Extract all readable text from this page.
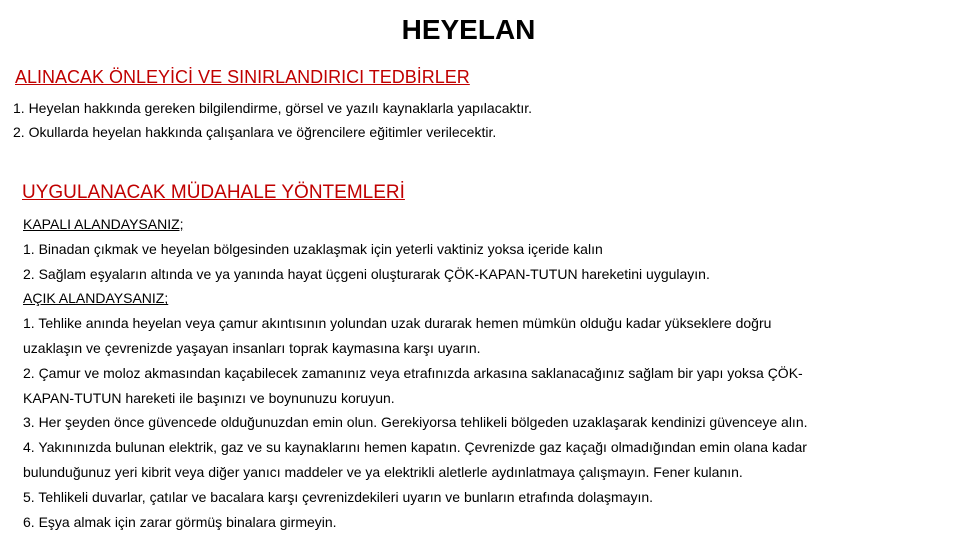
HEYELAN
ALINACAK ÖNLEYİCİ VE SINIRLANDIRICI TEDBİRLER
1. Heyelan hakkında gereken bilgilendirme, görsel ve yazılı kaynaklarla yapılacaktır.
2. Okullarda heyelan hakkında çalışanlara ve öğrencilere eğitimler verilecektir.
UYGULANACAK MÜDAHALE YÖNTEMLERİ
KAPALI ALANDAYSANIZ;
1. Binadan çıkmak ve heyelan bölgesinden uzaklaşmak için yeterli vaktiniz yoksa içeride kalın
2. Sağlam eşyaların altında ve ya yanında hayat üçgeni oluşturarak ÇÖK-KAPAN-TUTUN hareketini uygulayın.
AÇIK ALANDAYSANIZ;
1. Tehlike anında heyelan veya çamur akıntısının yolundan uzak durarak hemen mümkün olduğu kadar yükseklere doğru
uzaklaşın ve çevrenizde yaşayan insanları toprak kaymasına karşı uyarın.
2. Çamur ve moloz akmasından kaçabilecek zamanınız veya etrafınızda arkasına saklanacağınız sağlam bir yapı yoksa ÇÖK-
KAPAN-TUTUN hareketi ile başınızı ve boynunuzu koruyun.
3. Her şeyden önce güvencede olduğunuzdan emin olun. Gerekiyorsa tehlikeli bölgeden uzaklaşarak kendinizi güvenceye alın.
4. Yakınınızda bulunan elektrik, gaz ve su kaynaklarını hemen kapatın. Çevrenizde gaz kaçağı olmadığından emin olana kadar
bulunduğunuz yeri kibrit veya diğer yanıcı maddeler ve ya elektrikli aletlerle aydınlatmaya çalışmayın. Fener kulanın.
5. Tehlikeli duvarlar, çatılar ve bacalara karşı çevrenizdekileri uyarın ve bunların etrafında dolaşmayın.
6. Eşya almak için zarar görmüş binalara girmeyin.
